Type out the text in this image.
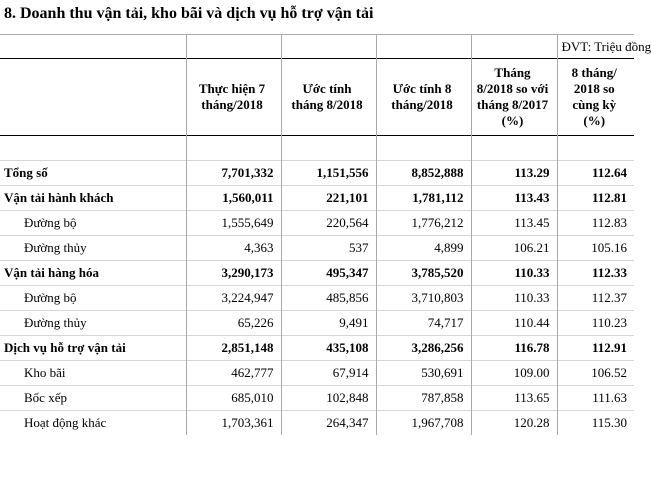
8. Doanh thu vận tải, kho bãi và dịch vụ hỗ trợ vận tải
					ĐVT: Triệu đồng
	Thực hiện 7 tháng/2018	Ước tính tháng 8/2018	Ước tính 8 tháng/2018	Tháng 8/2018 so với tháng 8/2017 (%)	8 tháng/ 2018 so cùng kỳ (%)

Tổng số	7,701,332	1,151,556	8,852,888	113.29	112.64
Vận tải hành khách	1,560,011	221,101	1,781,112	113.43	112.81
Đường bộ	1,555,649	220,564	1,776,212	113.45	112.83
Đường thủy	4,363	537	4,899	106.21	105.16
Vận tải hàng hóa	3,290,173	495,347	3,785,520	110.33	112.33
Đường bộ	3,224,947	485,856	3,710,803	110.33	112.37
Đường thủy	65,226	9,491	74,717	110.44	110.23
Dịch vụ hỗ trợ vận tải	2,851,148	435,108	3,286,256	116.78	112.91
Kho bãi	462,777	67,914	530,691	109.00	106.52
Bốc xếp	685,010	102,848	787,858	113.65	111.63
Hoạt động khác	1,703,361	264,347	1,967,708	120.28	115.30
